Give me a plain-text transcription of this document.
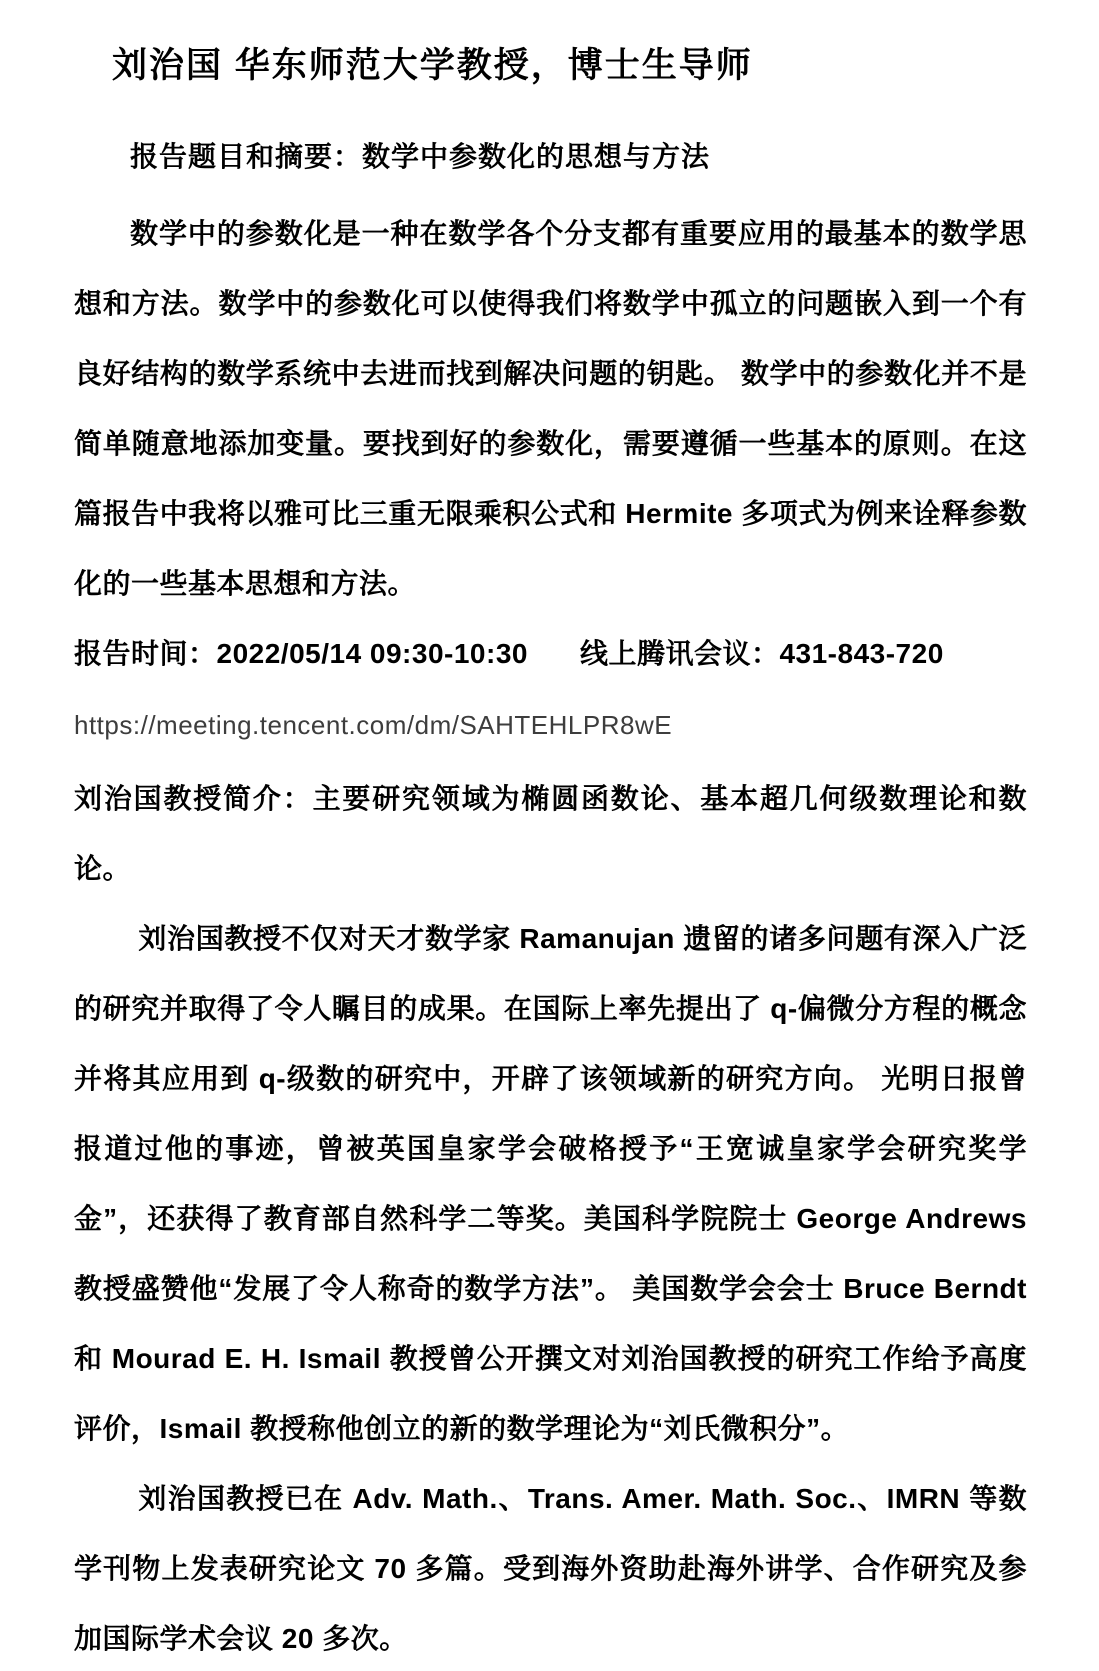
刘治国 华东师范大学教授，博士生导师
报告题目和摘要：数学中参数化的思想与方法

数学中的参数化是一种在数学各个分支都有重要应用的最基本的数学思想和方法。数学中的参数化可以使得我们将数学中孤立的问题嵌入到一个有良好结构的数学系统中去进而找到解决问题的钥匙。 数学中的参数化并不是简单随意地添加变量。要找到好的参数化，需要遵循一些基本的原则。在这篇报告中我将以雅可比三重无限乘积公式和 Hermite 多项式为例来诠释参数化的一些基本思想和方法。

报告时间：2022/05/14 09:30-10:30 线上腾讯会议：431-843-720
https://meeting.tencent.com/dm/SAHTEHLPR8wE
刘治国教授简介：主要研究领域为椭圆函数论、基本超几何级数理论和数论。

刘治国教授不仅对天才数学家 Ramanujan 遗留的诸多问题有深入广泛的研究并取得了令人瞩目的成果。在国际上率先提出了 q-偏微分方程的概念并将其应用到 q-级数的研究中，开辟了该领域新的研究方向。 光明日报曾报道过他的事迹，曾被英国皇家学会破格授予“王宽诚皇家学会研究奖学金”，还获得了教育部自然科学二等奖。美国科学院院士 George Andrews 教授盛赞他“发展了令人称奇的数学方法”。 美国数学会会士 Bruce Berndt 和 Mourad E. H. Ismail 教授曾公开撰文对刘治国教授的研究工作给予高度评价，Ismail 教授称他创立的新的数学理论为“刘氏微积分”。

刘治国教授已在 Adv. Math.、Trans. Amer. Math. Soc.、IMRN 等数学刊物上发表研究论文 70 多篇。受到海外资助赴海外讲学、合作研究及参加国际学术会议 20 多次。
